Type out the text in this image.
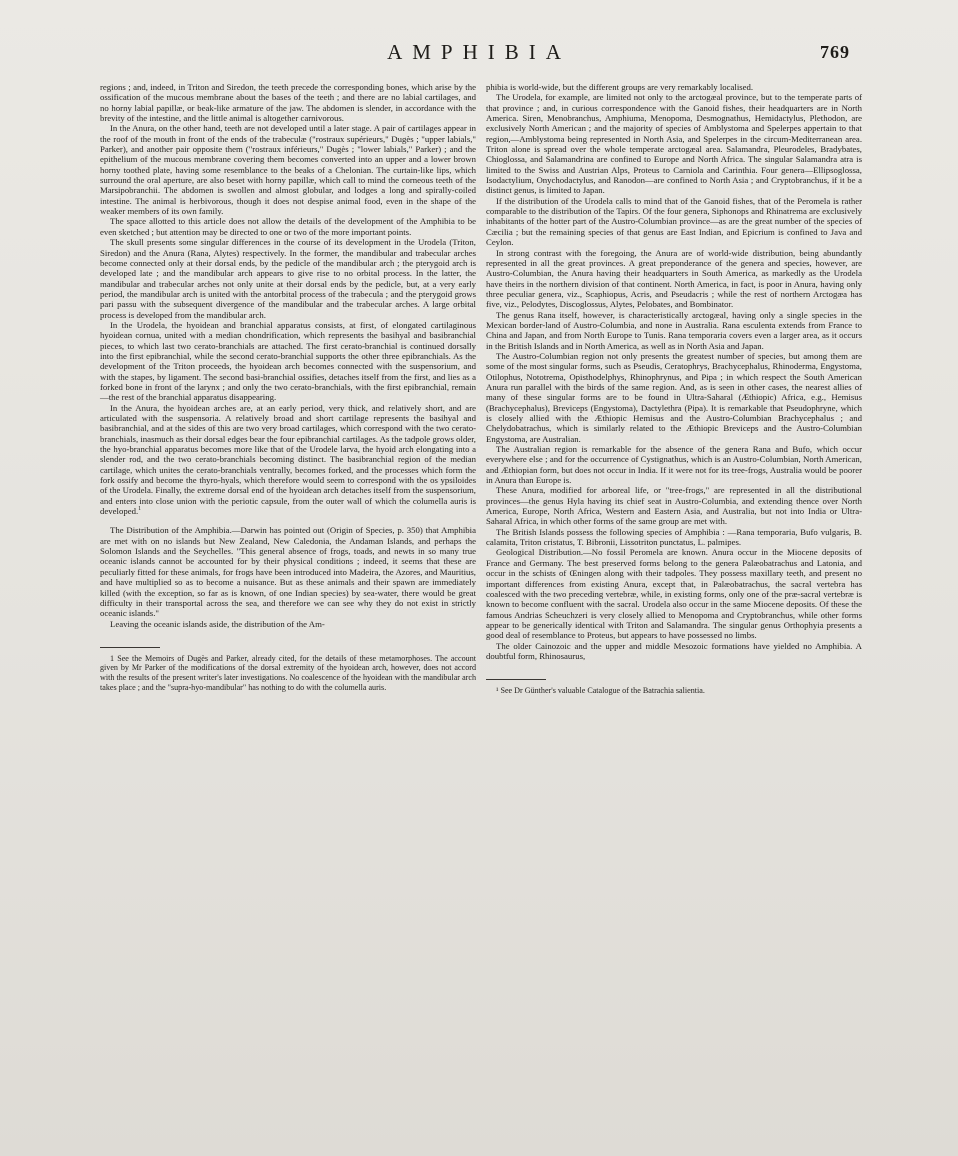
AMPHIBIA	769

regions ; and, indeed, in Triton and Siredon, the teeth precede the corresponding bones, which arise by the ossification of the mucous membrane about the bases of the teeth ; and there are no labial cartilages, and no horny labial papillæ, or beak-like armature of the jaw. The abdomen is slender, in accordance with the brevity of the intestine, and the little animal is altogether carnivorous.

In the Anura, on the other hand, teeth are not developed until a later stage. A pair of cartilages appear in the roof of the mouth in front of the ends of the trabeculæ ("rostraux supérieurs," Dugès ; "upper labials," Parker), and another pair opposite them ("rostraux inférieurs," Dugès ; "lower labials," Parker) ; and the epithelium of the mucous membrane covering them becomes converted into an upper and a lower brown horny toothed plate, having some resemblance to the beaks of a Chelonian. The curtain-like lips, which surround the oral aperture, are also beset with horny papillæ, which call to mind the corneous teeth of the Marsipobranchii. The abdomen is swollen and almost globular, and lodges a long and spirally-coiled intestine. The animal is herbivorous, though it does not despise animal food, even in the shape of the weaker members of its own family.

The space allotted to this article does not allow the details of the development of the Amphibia to be even sketched ; but attention may be directed to one or two of the more important points.

The skull presents some singular differences in the course of its development in the Urodela (Triton, Siredon) and the Anura (Rana, Alytes) respectively. In the former, the mandibular and trabecular arches become connected only at their dorsal ends, by the pedicle of the mandibular arch ; the pterygoid arch is developed late ; and the mandibular arch appears to give rise to no orbital process. In the latter, the mandibular and trabecular arches not only unite at their dorsal ends by the pedicle, but, at a very early period, the mandibular arch is united with the antorbital process of the trabecula ; and the pterygoid grows pari passu with the subsequent divergence of the mandibular and the trabecular arches. A large orbital process is developed from the mandibular arch.

In the Urodela, the hyoidean and branchial apparatus consists, at first, of elongated cartilaginous hyoidean cornua, united with a median chondrification, which represents the basihyal and basibranchial pieces, to which last two cerato-branchials are attached. The first cerato-branchial is continued dorsally into the first epibranchial, while the second cerato-branchial supports the other three epibranchials. As the development of the Triton proceeds, the hyoidean arch becomes connected with the suspensorium, and with the stapes, by ligament. The second basi-branchial ossifies, detaches itself from the first, and lies as a forked bone in front of the larynx ; and only the two cerato-branchials, with the first epibranchial, remain—the rest of the branchial apparatus disappearing.

In the Anura, the hyoidean arches are, at an early period, very thick, and relatively short, and are articulated with the suspensoria. A relatively broad and short cartilage represents the basihyal and basibranchial, and at the sides of this are two very broad cartilages, which correspond with the two cerato-branchials, inasmuch as their dorsal edges bear the four epibranchial cartilages. As the tadpole grows older, the hyo-branchial apparatus becomes more like that of the Urodele larva, the hyoid arch elongating into a slender rod, and the two cerato-branchials becoming distinct. The basibranchial region of the median cartilage, which unites the cerato-branchials ventrally, becomes forked, and the processes which form the fork ossify and become the thyro-hyals, which therefore would seem to correspond with the os ypsiloides of the Urodela. Finally, the extreme dorsal end of the hyoidean arch detaches itself from the suspensorium, and enters into close union with the periotic capsule, from the outer wall of which the columella auris is developed.$^1$

The Distribution of the Amphibia.—Darwin has pointed out (Origin of Species, p. 350) that Amphibia are met with on no islands but New Zealand, New Caledonia, the Andaman Islands, and perhaps the Solomon Islands and the Seychelles. "This general absence of frogs, toads, and newts in so many true oceanic islands cannot be accounted for by their physical conditions ; indeed, it seems that these are peculiarly fitted for these animals, for frogs have been introduced into Madeira, the Azores, and Mauritius, and have multiplied so as to become a nuisance. But as these animals and their spawn are immediately killed (with the exception, so far as is known, of one Indian species) by sea-water, there would be great difficulty in their transportal across the sea, and therefore we can see why they do not exist in strictly oceanic islands."

Leaving the oceanic islands aside, the distribution of the Am-

1 See the Memoirs of Dugès and Parker, already cited, for the details of these metamorphoses. The account given by Mr Parker of the modifications of the dorsal extremity of the hyoidean arch, however, does not accord with the results of the present writer's later investigations. No coalescence of the hyoidean with the mandibular arch takes place ; and the "supra-hyo-mandibular" has nothing to do with the columella auris.

phibia is world-wide, but the different groups are very remarkably localised.

The Urodela, for example, are limited not only to the arctogæal province, but to the temperate parts of that province ; and, in curious correspondence with the Ganoid fishes, their headquarters are in North America. Siren, Menobranchus, Amphiuma, Menopoma, Desmognathus, Hemidactylus, Plethodon, are exclusively North American ; and the majority of species of Amblystoma and Spelerpes appertain to that region,—Amblystoma being represented in North Asia, and Spelerpes in the circum-Mediterranean area. Triton alone is spread over the whole temperate arctogæal area. Salamandra, Pleurodeles, Bradybates, Chioglossa, and Salamandrina are confined to Europe and North Africa. The singular Salamandra atra is limited to the Swiss and Austrian Alps, Proteus to Carniola and Carinthia. Four genera—Ellipsoglossa, Isodactylium, Onychodactylus, and Ranodon—are confined to North Asia ; and Cryptobranchus, if it be a distinct genus, is limited to Japan.

If the distribution of the Urodela calls to mind that of the Ganoid fishes, that of the Peromela is rather comparable to the distribution of the Tapirs. Of the four genera, Siphonops and Rhinatrema are exclusively inhabitants of the hotter part of the Austro-Columbian province—as are the great number of the species of Cæcilia ; but the remaining species of that genus are East Indian, and Epicrium is confined to Java and Ceylon.

In strong contrast with the foregoing, the Anura are of world-wide distribution, being abundantly represented in all the great provinces. A great preponderance of the genera and species, however, are Austro-Columbian, the Anura having their headquarters in South America, as markedly as the Urodela have theirs in the northern division of that continent. North America, in fact, is poor in Anura, having only three peculiar genera, viz., Scaphiopus, Acris, and Pseudacris ; while the rest of northern Arctogæa has five, viz., Pelodytes, Discoglossus, Alytes, Pelobates, and Bombinator.

The genus Rana itself, however, is characteristically arctogæal, having only a single species in the Mexican border-land of Austro-Columbia, and none in Australia. Rana esculenta extends from France to China and Japan, and from North Europe to Tunis. Rana temporaria covers even a larger area, as it occurs in the British Islands and in North America, as well as in North Asia and Japan.

The Austro-Columbian region not only presents the greatest number of species, but among them are some of the most singular forms, such as Pseudis, Ceratophrys, Brachycephalus, Rhinoderma, Engystoma, Otilophus, Nototrema, Opisthodelphys, Rhinophrynus, and Pipa ; in which respect the South American Anura run parallel with the birds of the same region. And, as is seen in other cases, the nearest allies of many of these singular forms are to be found in Ultra-Saharal (Æthiopic) Africa, e.g., Hemisus (Brachycephalus), Breviceps (Engystoma), Dactylethra (Pipa). It is remarkable that Pseudophryne, which is closely allied with the Æthiopic Hemisus and the Austro-Columbian Brachycephalus ; and Chelydobatrachus, which is similarly related to the Æthiopic Breviceps and the Austro-Columbian Engystoma, are Australian.

The Australian region is remarkable for the absence of the genera Rana and Bufo, which occur everywhere else ; and for the occurrence of Cystignathus, which is an Austro-Columbian, North American, and Æthiopian form, but does not occur in India. If it were not for its tree-frogs, Australia would be poorer in Anura than Europe is.

These Anura, modified for arboreal life, or "tree-frogs," are represented in all the distributional provinces—the genus Hyla having its chief seat in Austro-Columbia, and extending thence over North America, Europe, North Africa, Western and Eastern Asia, and Australia, but not into India or Ultra-Saharal Africa, in which other forms of the same group are met with.

The British Islands possess the following species of Amphibia : —Rana temporaria, Bufo vulgaris, B. calamita, Triton cristatus, T. Bibronii, Lissotriton punctatus, L. palmipes.

Geological Distribution.—No fossil Peromela are known. Anura occur in the Miocene deposits of France and Germany. The best preserved forms belong to the genera Palæobatrachus and Latonia, and occur in the schists of Œningen along with their tadpoles. They possess maxillary teeth, and present no important differences from existing Anura, except that, in Palæobatrachus, the sacral vertebra has coalesced with the two preceding vertebræ, while, in existing forms, only one of the præ-sacral vertebræ is known to become confluent with the sacral. Urodela also occur in the same Miocene deposits. Of these the famous Andrias Scheuchzeri is very closely allied to Menopoma and Cryptobranchus, while other forms appear to be generically identical with Triton and Salamandra. The singular genus Orthophyia presents a good deal of resemblance to Proteus, but appears to have possessed no limbs.

The older Cainozoic and the upper and middle Mesozoic formations have yielded no Amphibia. A doubtful form, Rhinosaurus,

¹ See Dr Günther's valuable Catalogue of the Batrachia salientia.
